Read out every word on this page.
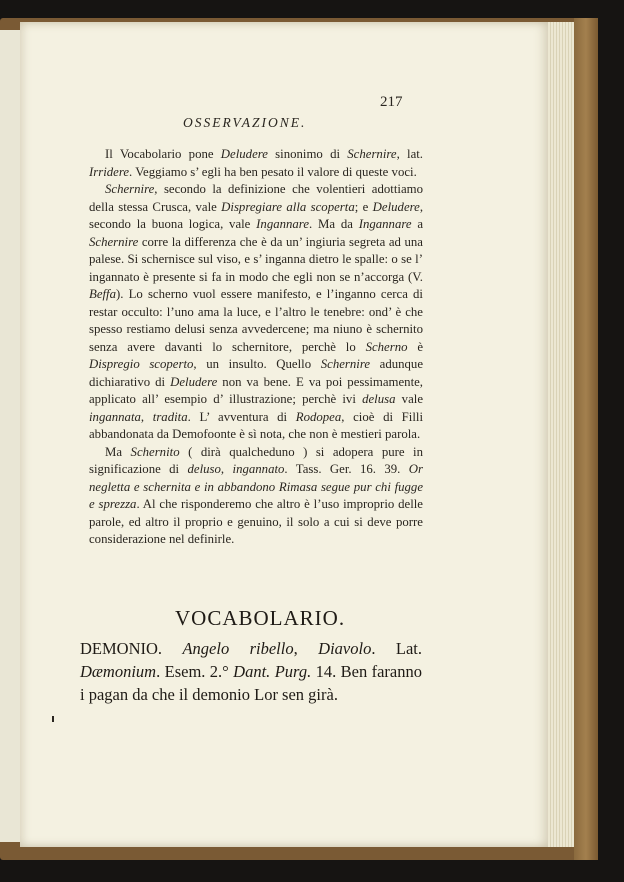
217
OSSERVAZIONE.

Il Vocabolario pone Deludere sinonimo di Schernire, lat. Irridere. Veggiamo s’ egli ha ben pesato il valore di queste voci.

Schernire, secondo la definizione che volentieri adottiamo della stessa Crusca, vale Dispregiare alla scoperta; e Deludere, secondo la buona logica, vale Ingannare. Ma da Ingannare a Schernire corre la differenza che è da un’ ingiuria segreta ad una palese. Si schernisce sul viso, e s’ inganna dietro le spalle: o se l’ ingannato è presente si fa in modo che egli non se n’accorga (V. Beffa). Lo scherno vuol essere manifesto, e l’inganno cerca di restar occulto: l’uno ama la luce, e l’altro le tenebre: ond’ è che spesso restiamo delusi senza avvedercene; ma niuno è schernito senza avere davanti lo schernitore, perchè lo Scherno è Dispregio scoperto, un insulto. Quello Schernire adunque dichiarativo di Deludere non va bene. E va poi pessimamente, applicato all’ esempio d’ illustrazione; perchè ivi delusa vale ingannata, tradita. L’ avventura di Rodopea, cioè di Filli abbandonata da Demofoonte è sì nota, che non è mestieri parola.

Ma Schernito ( dirà qualcheduno ) si adopera pure in significazione di deluso, ingannato. Tass. Ger. 16. 39. Or negletta e schernita e in abbandono Rimasa segue pur chi fugge e sprezza. Al che risponderemo che altro è l’uso improprio delle parole, ed altro il proprio e genuino, il solo a cui si deve porre considerazione nel definirle.

VOCABOLARIO.

DEMONIO. Angelo ribello, Diavolo. Lat. Dæmonium. Esem. 2.° Dant. Purg. 14. Ben faranno i pagan da che il demonio Lor sen girà.
